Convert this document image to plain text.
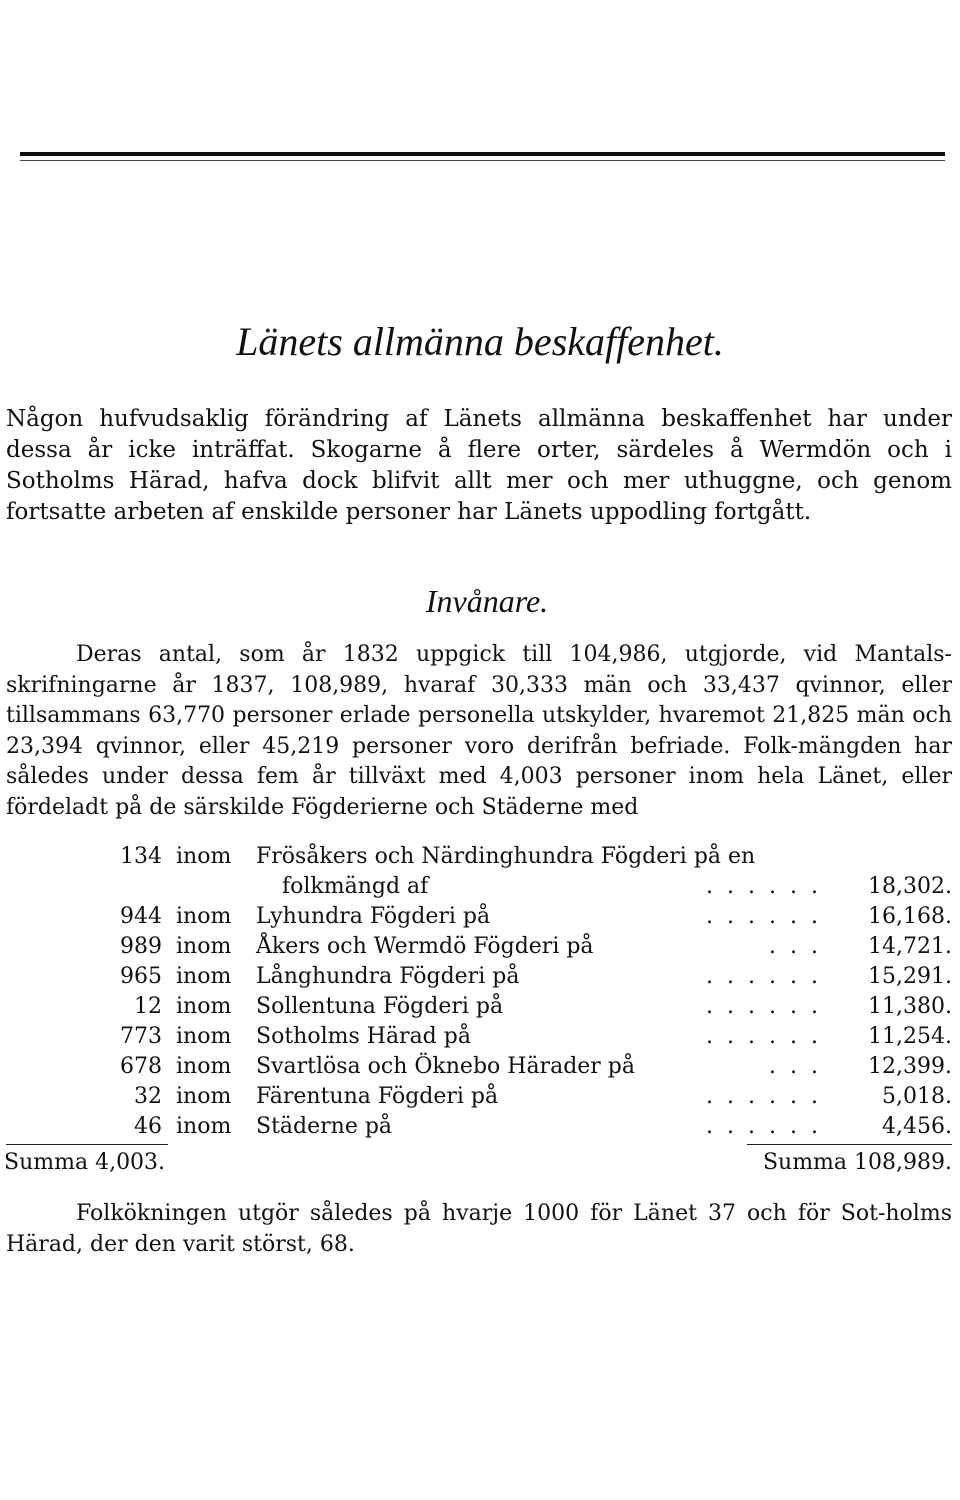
Länets allmänna beskaffenhet.

Någon hufvudsaklig förändring af Länets allmänna beskaffenhet har under dessa år icke inträffat. Skogarne å flere orter, särdeles å Wermdön och i Sotholms Härad, hafva dock blifvit allt mer och mer uthuggne, och genom fortsatte arbeten af enskilde personer har Länets uppodling fortgått.

Invånare.

Deras antal, som år 1832 uppgick till 104,986, utgjorde, vid Mantals-skrifningarne år 1837, 108,989, hvaraf 30,333 män och 33,437 qvinnor, eller tillsammans 63,770 personer erlade personella utskylder, hvaremot 21,825 män och 23,394 qvinnor, eller 45,219 personer voro derifrån befriade. Folk-mängden har således under dessa fem år tillväxt med 4,003 personer inom hela Länet, eller fördeladt på de särskilde Fögderierne och Städerne med

134 inom Frösåkers och Närdinghundra Fögderi på en
folkmängd af	...... 18,302.
944 inom Lyhundra Fögderi på	...... 16,168.
989 inom Åkers och Wermdö Fögderi på	... 14,721.
965 inom Långhundra Fögderi på	...... 15,291.
12 inom Sollentuna Fögderi på	...... 11,380.
773 inom Sotholms Härad på	...... 11,254.
678 inom Svartlösa och Öknebo Härader på	... 12,399.
32 inom Färentuna Fögderi på	...... 5,018.
46 inom Städerne på	...... 4,456.
Summa 4,003.	Summa 108,989.

Folkökningen utgör således på hvarje 1000 för Länet 37 och för Sot-holms Härad, der den varit störst, 68.
